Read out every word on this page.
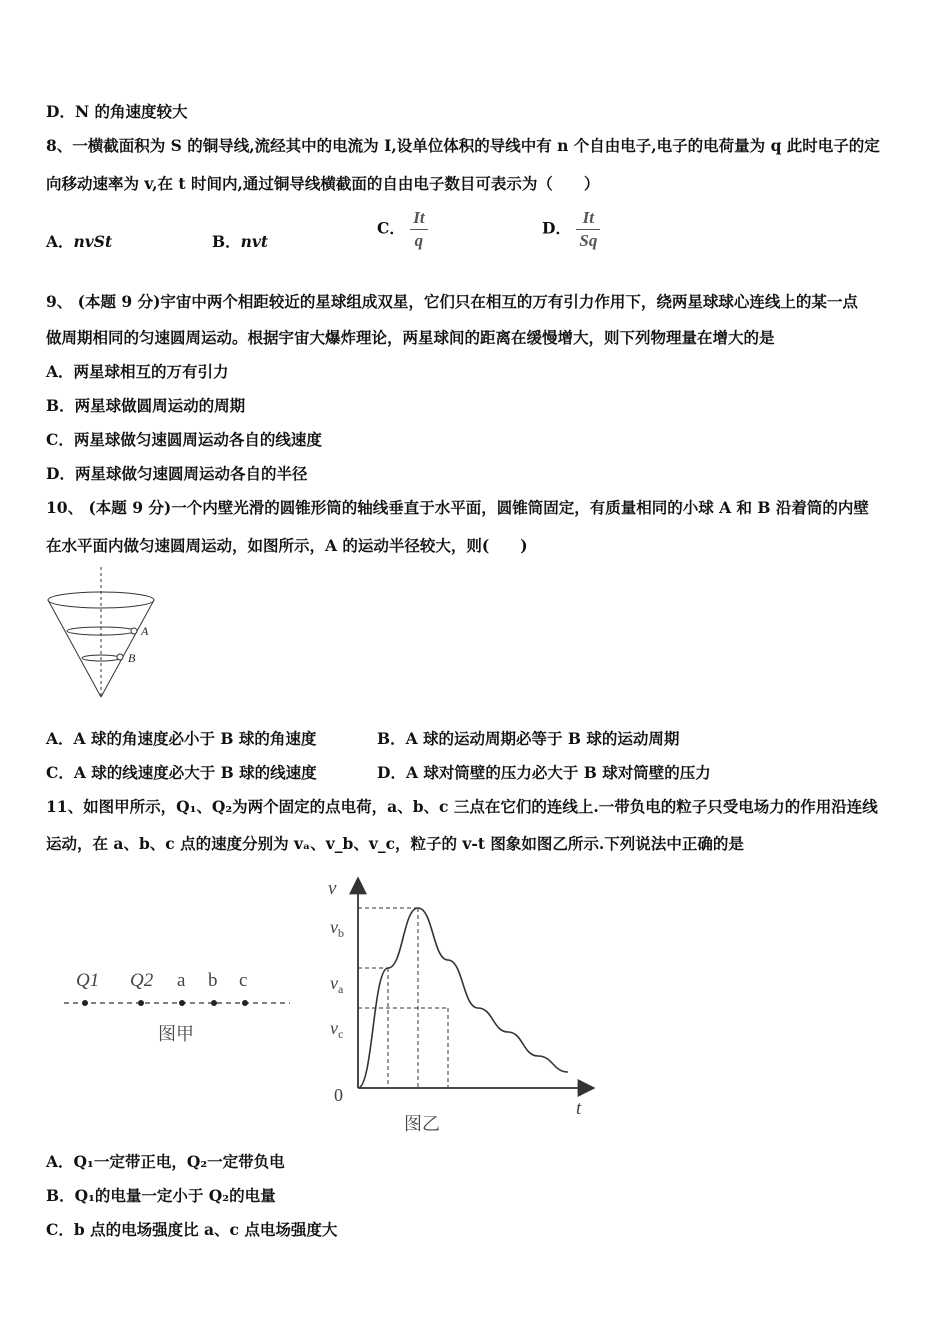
D．N 的角速度较大
8、一横截面积为 S 的铜导线,流经其中的电流为 I,设单位体积的导线中有 n 个自由电子,电子的电荷量为 q 此时电子的定
向移动速率为 v,在 t 时间内,通过铜导线横截面的自由电子数目可表示为（　　）
A．nvSt	B．nvt
C． $\frac{It}{q}$	D． $\frac{It}{Sq}$
9、 (本题 9 分)宇宙中两个相距较近的星球组成双星，它们只在相互的万有引力作用下，绕两星球球心连线上的某一点
做周期相同的匀速圆周运动。根据宇宙大爆炸理论，两星球间的距离在缓慢增大，则下列物理量在增大的是
A．两星球相互的万有引力
B．两星球做圆周运动的周期
C．两星球做匀速圆周运动各自的线速度
D．两星球做匀速圆周运动各自的半径
10、 (本题 9 分)一个内壁光滑的圆锥形筒的轴线垂直于水平面，圆锥筒固定，有质量相同的小球 A 和 B 沿着筒的内壁
在水平面内做匀速圆周运动，如图所示，A 的运动半径较大，则(　　)
A
B
A．A 球的角速度必小于 B 球的角速度	B．A 球的运动周期必等于 B 球的运动周期
C．A 球的线速度必大于 B 球的线速度	D．A 球对筒壁的压力必大于 B 球对筒壁的压力
11、如图甲所示，Q₁、Q₂为两个固定的点电荷，a、b、c 三点在它们的连线上.一带负电的粒子只受电场力的作用沿连线
运动，在 a、b、c 点的速度分别为 vₐ、v_b、v_c，粒子的 v-t 图象如图乙所示.下列说法中正确的是
Q1 Q2 a b c
图甲
v
t
0
$v_b$
$v_a$
$v_c$
图乙
A．Q₁一定带正电，Q₂一定带负电
B．Q₁的电量一定小于 Q₂的电量
C．b 点的电场强度比 a、c 点电场强度大
